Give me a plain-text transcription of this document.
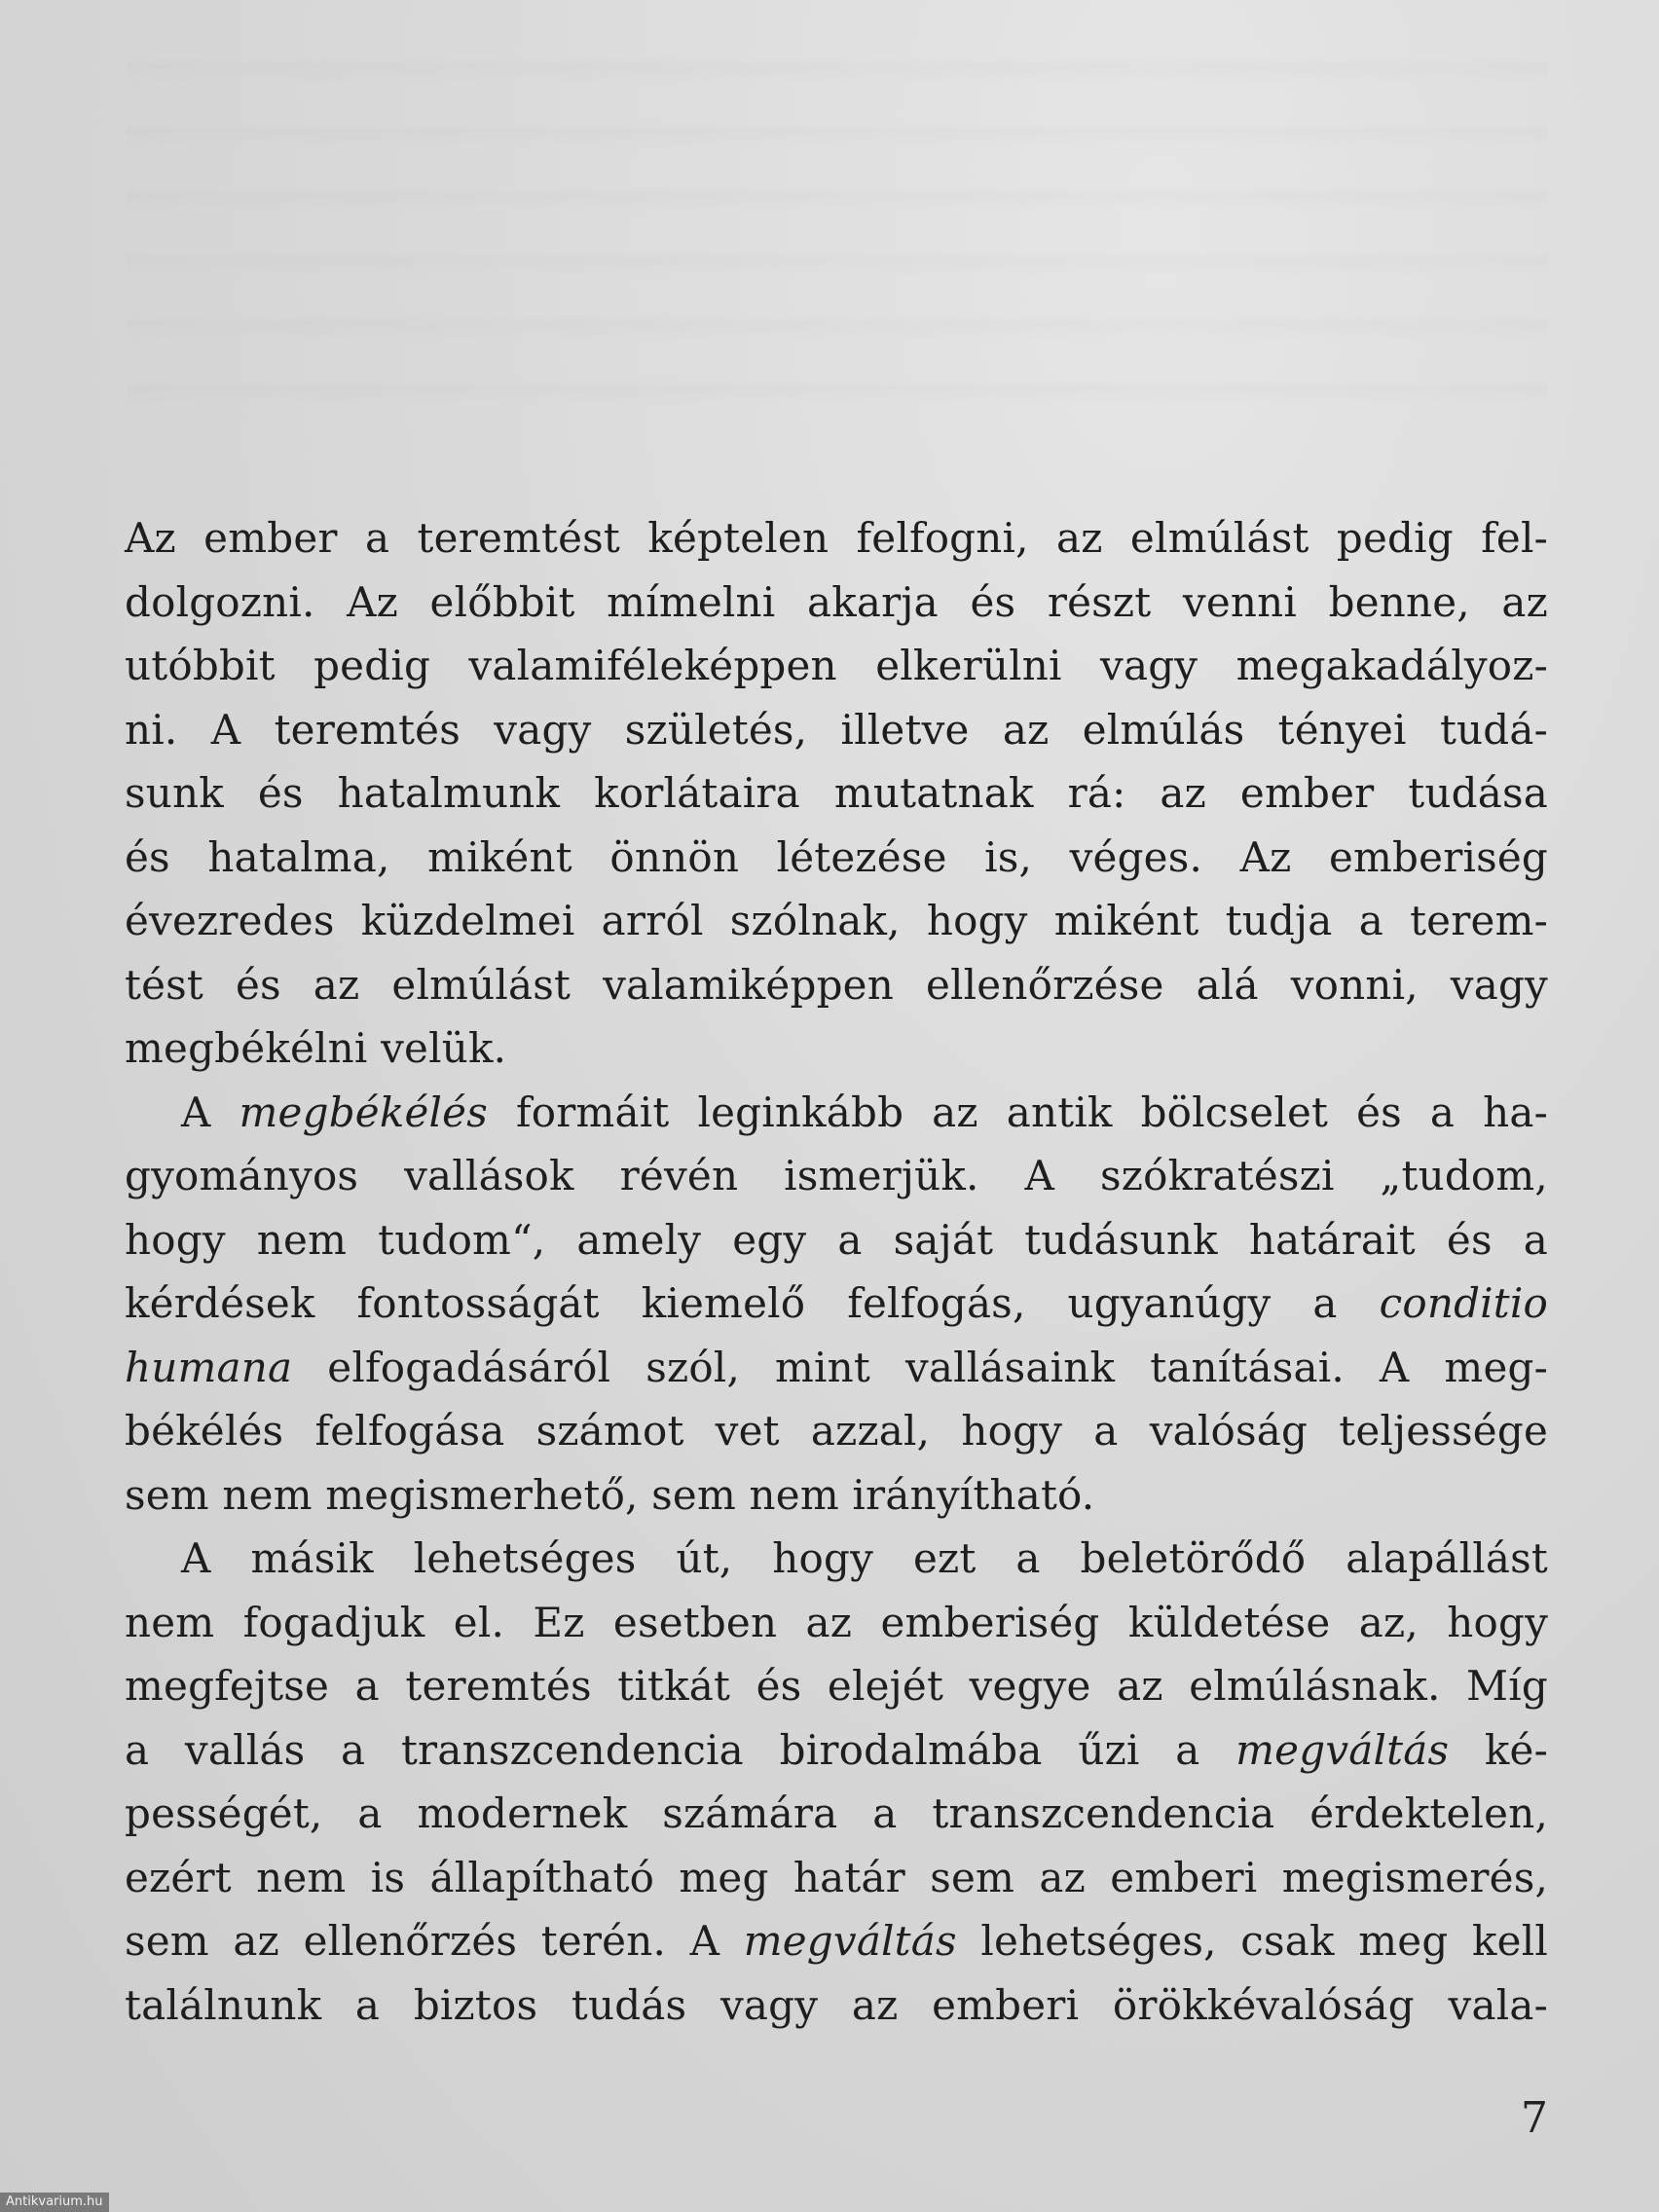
Az ember a teremtést képtelen felfogni, az elmúlást pedig fel-
dolgozni. Az előbbit mímelni akarja és részt venni benne, az
utóbbit pedig valamiféleképpen elkerülni vagy megakadályoz-
ni. A teremtés vagy születés, illetve az elmúlás tényei tudá-
sunk és hatalmunk korlátaira mutatnak rá: az ember tudása
és hatalma, miként önnön létezése is, véges. Az emberiség
évezredes küzdelmei arról szólnak, hogy miként tudja a terem-
tést és az elmúlást valamiképpen ellenőrzése alá vonni, vagy
megbékélni velük.
A megbékélés formáit leginkább az antik bölcselet és a ha-
gyományos vallások révén ismerjük. A szókratészi „tudom,
hogy nem tudom“, amely egy a saját tudásunk határait és a
kérdések fontosságát kiemelő felfogás, ugyanúgy a conditio
humana elfogadásáról szól, mint vallásaink tanításai. A meg-
békélés felfogása számot vet azzal, hogy a valóság teljessége
sem nem megismerhető, sem nem irányítható.
A másik lehetséges út, hogy ezt a beletörődő alapállást
nem fogadjuk el. Ez esetben az emberiség küldetése az, hogy
megfejtse a teremtés titkát és elejét vegye az elmúlásnak. Míg
a vallás a transzcendencia birodalmába űzi a megváltás ké-
pességét, a modernek számára a transzcendencia érdektelen,
ezért nem is állapítható meg határ sem az emberi megismerés,
sem az ellenőrzés terén. A megváltás lehetséges, csak meg kell
találnunk a biztos tudás vagy az emberi örökkévalóság vala-
7
Antikvarium.hu
